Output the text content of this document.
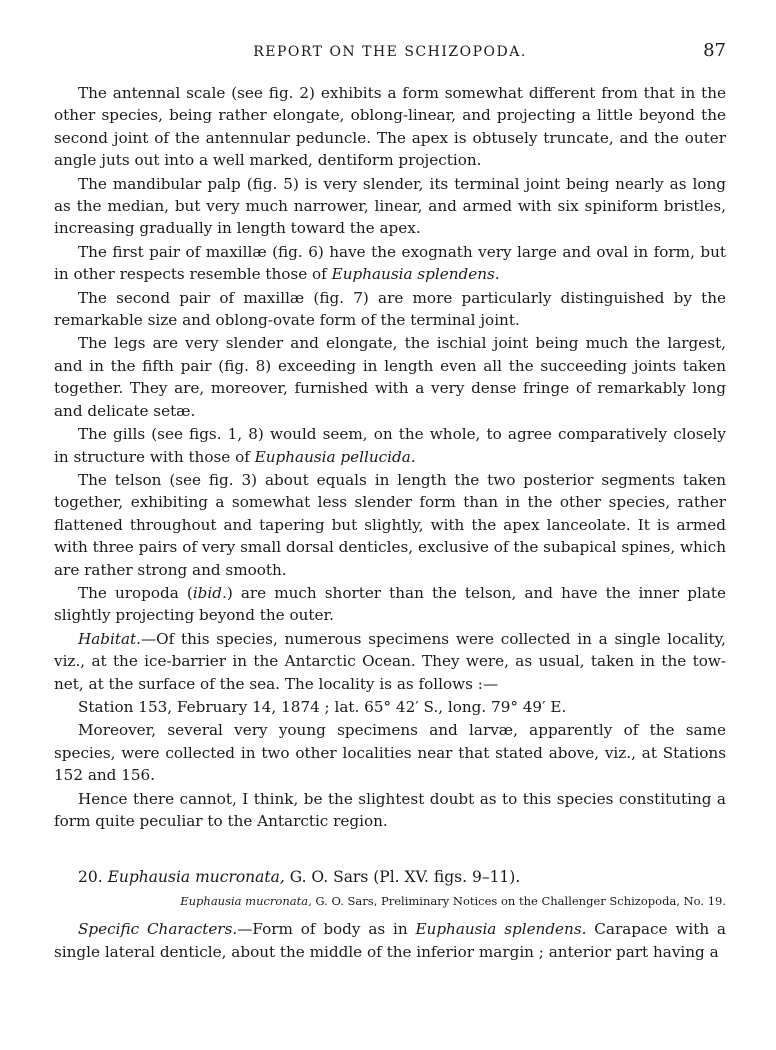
REPORT ON THE SCHIZOPODA.	87

The antennal scale (see fig. 2) exhibits a form somewhat different from that in the other species, being rather elongate, oblong-linear, and projecting a little beyond the second joint of the antennular peduncle. The apex is obtusely truncate, and the outer angle juts out into a well marked, dentiform projection.

The mandibular palp (fig. 5) is very slender, its terminal joint being nearly as long as the median, but very much narrower, linear, and armed with six spiniform bristles, increasing gradually in length toward the apex.

The first pair of maxillæ (fig. 6) have the exognath very large and oval in form, but in other respects resemble those of Euphausia splendens.

The second pair of maxillæ (fig. 7) are more particularly distinguished by the remarkable size and oblong-ovate form of the terminal joint.

The legs are very slender and elongate, the ischial joint being much the largest, and in the fifth pair (fig. 8) exceeding in length even all the succeeding joints taken together. They are, moreover, furnished with a very dense fringe of remarkably long and delicate setæ.

The gills (see figs. 1, 8) would seem, on the whole, to agree comparatively closely in structure with those of Euphausia pellucida.

The telson (see fig. 3) about equals in length the two posterior segments taken together, exhibiting a somewhat less slender form than in the other species, rather flattened throughout and tapering but slightly, with the apex lanceolate. It is armed with three pairs of very small dorsal denticles, exclusive of the subapical spines, which are rather strong and smooth.

The uropoda (ibid.) are much shorter than the telson, and have the inner plate slightly projecting beyond the outer.

Habitat.—Of this species, numerous specimens were collected in a single locality, viz., at the ice-barrier in the Antarctic Ocean. They were, as usual, taken in the tow-net, at the surface of the sea. The locality is as follows :—

Station 153, February 14, 1874 ; lat. 65° 42′ S., long. 79° 49′ E.

Moreover, several very young specimens and larvæ, apparently of the same species, were collected in two other localities near that stated above, viz., at Stations 152 and 156.

Hence there cannot, I think, be the slightest doubt as to this species constituting a form quite peculiar to the Antarctic region.

20. Euphausia mucronata, G. O. Sars (Pl. XV. figs. 9–11).

Euphausia mucronata, G. O. Sars, Preliminary Notices on the Challenger Schizopoda, No. 19.

Specific Characters.—Form of body as in Euphausia splendens. Carapace with a single lateral denticle, about the middle of the inferior margin ; anterior part having a
